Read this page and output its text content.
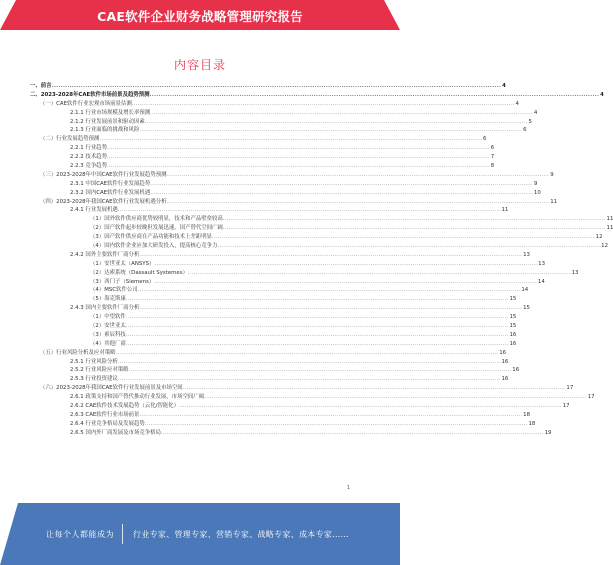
CAE软件企业财务战略管理研究报告
内容目录
一、前言 ........................................................................................................................................................................................................ 4
二、2023-2028年CAE软件市场前景及趋势预测 ........................................................................................................................................................................................................ 4
（一）CAE软件行业宏观市场前景估测 ........................................................................................................................................................................................................ 4
2.1.1 行业市场规模及增长率预测 ........................................................................................................................................................................................................ 4
2.1.2 行业发展前景和驱动因素 ........................................................................................................................................................................................................ 5
2.1.3 行业面临的挑战和风险 ........................................................................................................................................................................................................ 6
（二）行业发展趋势预测 ........................................................................................................................................................................................................ 6
2.2.1 行业趋势 ........................................................................................................................................................................................................ 6
2.2.2 技术趋势 ........................................................................................................................................................................................................ 7
2.2.3 竞争趋势 ........................................................................................................................................................................................................ 8
（三）2023-2028年中国CAE软件行业发展趋势预测 ........................................................................................................................................................................................................ 9
2.3.1 中国CAE软件行业发展趋势 ........................................................................................................................................................................................................ 9
2.3.2 国内CAE软件行业发展机遇 ........................................................................................................................................................................................................ 10
（四）2023-2028年我国CAE软件行业发展机遇分析 ........................................................................................................................................................................................................ 11
2.4.1 行业发展机遇 ........................................................................................................................................................................................................ 11
（1）国外软件供应商优势较明显，技术和产品壁垒较高 ........................................................................................................................................................................................................ 11
（2）国产软件起步较晚但发展迅速，国产替代空间广阔 ........................................................................................................................................................................................................ 11
（3）国产软件供应商在产品功能和技术上差距明显 ........................................................................................................................................................................................................ 12
（4）国内软件企业应加大研发投入，提高核心竞争力 ........................................................................................................................................................................................................ 12
2.4.2 国外主要软件厂商分析 ........................................................................................................................................................................................................ 13
（1）安世亚太（ANSYS） ........................................................................................................................................................................................................ 13
（2）达索系统（Dassault Systemes） ........................................................................................................................................................................................................ 13
（3）西门子（Siemens） ........................................................................................................................................................................................................ 14
（4）MSC软件公司 ........................................................................................................................................................................................................ 14
（5）海克斯康 ........................................................................................................................................................................................................ 15
2.4.3 国内主要软件厂商分析 ........................................................................................................................................................................................................ 15
（1）中望软件 ........................................................................................................................................................................................................ 15
（2）安世亚太 ........................................................................................................................................................................................................ 15
（3）索辰科技 ........................................................................................................................................................................................................ 16
（4）其他厂商 ........................................................................................................................................................................................................ 16
（五）行业风险分析及应对策略 ........................................................................................................................................................................................................ 16
2.5.1 行业风险分析 ........................................................................................................................................................................................................ 16
2.5.2 行业风险应对策略 ........................................................................................................................................................................................................ 16
2.5.3 行业投资建议 ........................................................................................................................................................................................................ 16
（六）2023-2028年我国CAE软件行业发展前景及市场空间 ........................................................................................................................................................................................................ 17
2.6.1 政策支持和国产替代推动行业发展，市场空间广阔 ........................................................................................................................................................................................................ 17
2.6.2 CAE软件技术发展趋势（云化/智能化） ........................................................................................................................................................................................................ 17
2.6.3 CAE软件行业市场前景 ........................................................................................................................................................................................................ 18
2.6.4 行业竞争格局及发展趋势 ........................................................................................................................................................................................................ 18
2.6.5 国内外厂商发展及市场竞争格局 ........................................................................................................................................................................................................ 19
1
让每个人都能成为 行业专家、管理专家、营销专家、战略专家、成本专家……
